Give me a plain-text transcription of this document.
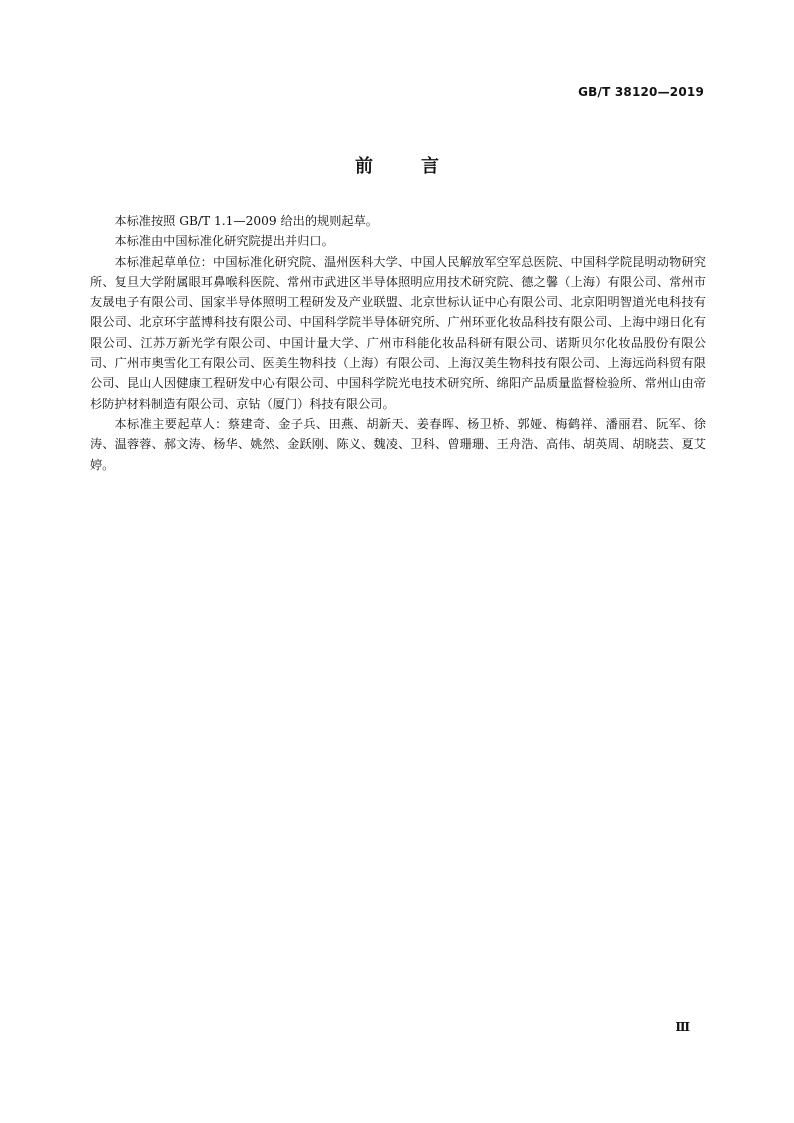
GB/T 38120—2019
前	言

本标准按照 GB/T 1.1—2009 给出的规则起草。

本标准由中国标准化研究院提出并归口。

本标准起草单位：中国标准化研究院、温州医科大学、中国人民解放军空军总医院、中国科学院昆明动物研究所、复旦大学附属眼耳鼻喉科医院、常州市武进区半导体照明应用技术研究院、德之馨（上海）有限公司、常州市友晟电子有限公司、国家半导体照明工程研发及产业联盟、北京世标认证中心有限公司、北京阳明智道光电科技有限公司、北京环宇蓝博科技有限公司、中国科学院半导体研究所、广州环亚化妆品科技有限公司、上海中翊日化有限公司、江苏万新光学有限公司、中国计量大学、广州市科能化妆品科研有限公司、诺斯贝尔化妆品股份有限公司、广州市奥雪化工有限公司、医美生物科技（上海）有限公司、上海汉美生物科技有限公司、上海远尚科贸有限公司、昆山人因健康工程研发中心有限公司、中国科学院光电技术研究所、绵阳产品质量监督检验所、常州山由帝杉防护材料制造有限公司、京钻（厦门）科技有限公司。

本标准主要起草人：蔡建奇、金子兵、田燕、胡新天、姜春晖、杨卫桥、郭娅、梅鹤祥、潘丽君、阮军、徐涛、温蓉蓉、郝文涛、杨华、姚然、金跃刚、陈义、魏凌、卫科、曾珊珊、王舟浩、高伟、胡英周、胡晓芸、夏艾婷。

Ⅲ
